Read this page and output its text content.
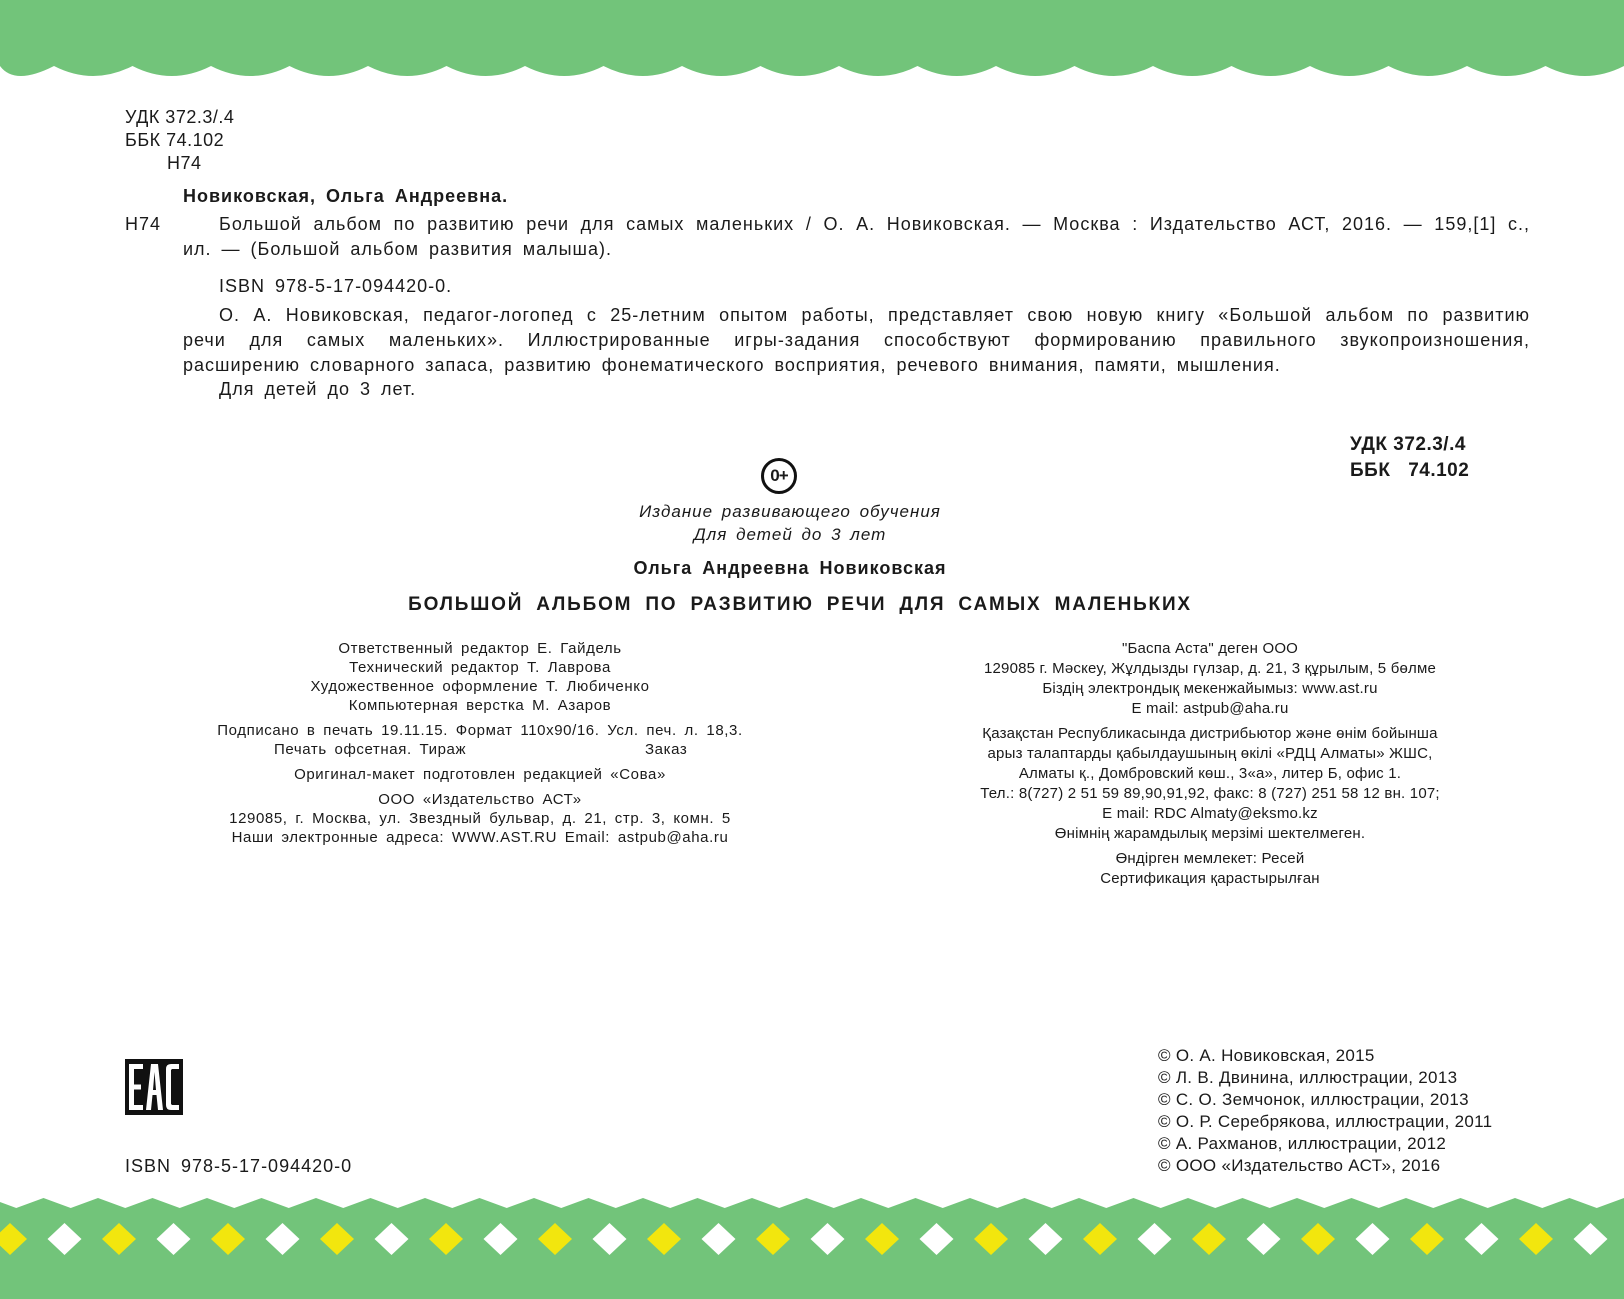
УДК 372.3/.4
ББК 74.102
Н74
Новиковская, Ольга Андреевна.
Н74	Большой альбом по развитию речи для самых маленьких / О. А. Новиковская. — Москва : Издательство АСТ, 2016. — 159,[1] с., ил. — (Большой альбом развития малыша).

ISBN 978-5-17-094420-0.

О. А. Новиковская, педагог-логопед с 25-летним опытом работы, представляет свою новую книгу «Большой альбом по развитию речи для самых маленьких». Иллюстрированные игры-задания способствуют формированию правильного звукопроизношения, расширению словарного запаса, развитию фонематического восприятия, речевого внимания, памяти, мышления.

Для детей до 3 лет.

УДК 372.3/.4
ББК 74.102
0+
Издание развивающего обучения
Для детей до 3 лет
Ольга Андреевна Новиковская
БОЛЬШОЙ АЛЬБОМ ПО РАЗВИТИЮ РЕЧИ ДЛЯ САМЫХ МАЛЕНЬКИХ
Ответственный редактор Е. Гайдель
Технический редактор Т. Лаврова
Художественное оформление Т. Любиченко
Компьютерная верстка М. Азаров
Подписано в печать 19.11.15. Формат 110x90/16. Усл. печ. л. 18,3.
Печать офсетная. Тираж	Заказ
Оригинал-макет подготовлен редакцией «Сова»
ООО «Издательство АСТ»
129085, г. Москва, ул. Звездный бульвар, д. 21, стр. 3, комн. 5
Наши электронные адреса: WWW.AST.RU Email: astpub@aha.ru
"Баспа Аста" деген ООО
129085 г. Мәскеу, Жұлдызды гүлзар, д. 21, 3 құрылым, 5 бөлме
Біздің электрондық мекенжайымыз: www.ast.ru
E mail: astpub@aha.ru
Қазақстан Республикасында дистрибьютор және өнім бойынша
арыз талаптарды қабылдаушының өкілі «РДЦ Алматы» ЖШС,
Алматы қ., Домбровский көш., 3«а», литер Б, офис 1.
Тел.: 8(727) 2 51 59 89,90,91,92, факс: 8 (727) 251 58 12 вн. 107;
E mail: RDC Almaty@eksmo.kz
Өнімнің жарамдылық мерзімі шектелмеген.
Өндірген мемлекет: Ресей
Сертификация қарастырылған
ISBN 978-5-17-094420-0
© О. А. Новиковская, 2015
© Л. В. Двинина, иллюстрации, 2013
© С. О. Земчонок, иллюстрации, 2013
© О. Р. Серебрякова, иллюстрации, 2011
© А. Рахманов, иллюстрации, 2012
© ООО «Издательство АСТ», 2016
